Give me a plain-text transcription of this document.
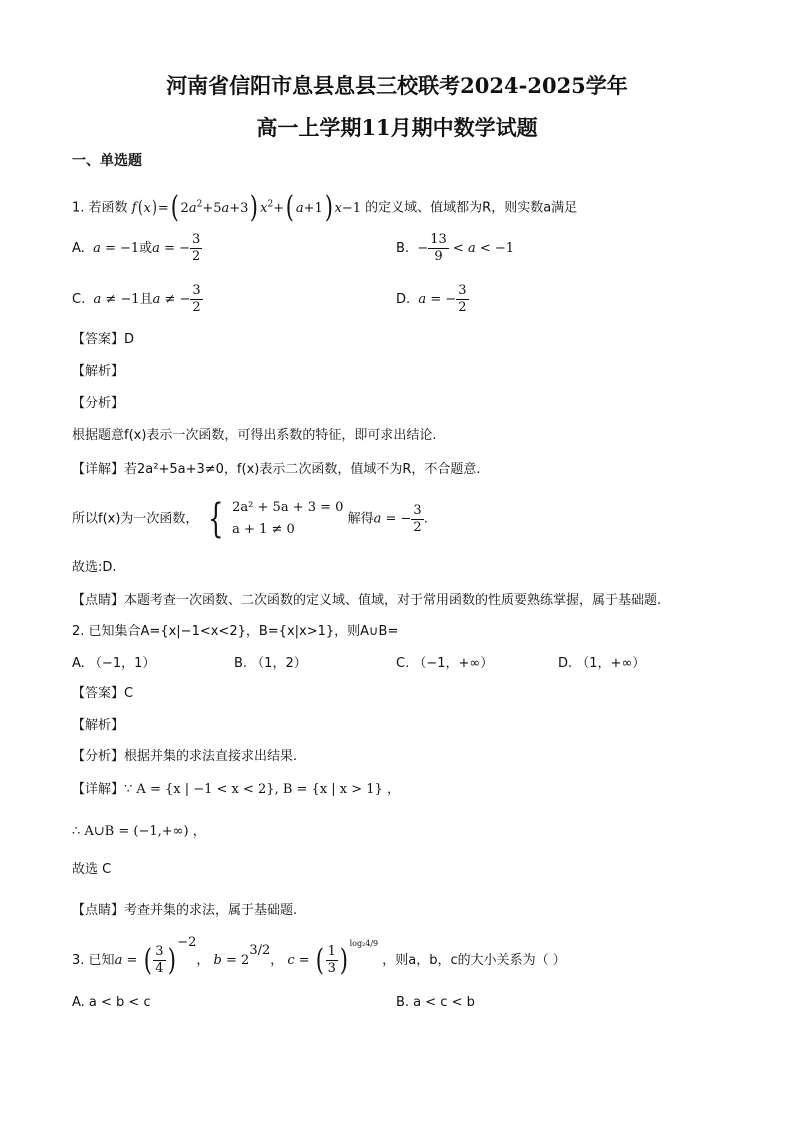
河南省信阳市息县息县三校联考2024-2025学年
高一上学期11月期中数学试题
一、单选题
1. 若函数 f(x)=( $2a^2+5a+3$) $x^2+$( a+1) x−1 的定义域、值域都为R，则实数a满足
A.  a = −1或a = − $\frac{3}{2}$	B.  − $\frac{13}{9} < a < -1$
C.  a ≠ −1且a ≠ − $\frac{3}{2}$	D.  a = − $\frac{3}{2}$
【答案】D
【解析】
【分析】
根据题意f(x)表示一次函数，可得出系数的特征，即可求出结论.
【详解】若2a²+5a+3≠0，f(x)表示二次函数，值域不为R，不合题意.
所以f(x)为一次函数， { 2a² + 5a + 3 = 0
a + 1 ≠ 0
解得a = − $\frac{3}{2}$ .
故选:D.
【点睛】本题考查一次函数、二次函数的定义域、值域，对于常用函数的性质要熟练掌握，属于基础题.
2. 已知集合A={x|−1<x<2}，B={x|x>1}，则A∪B=
A. （−1，1）	B. （1，2）	C. （−1，+∞）	D. （1，+∞）
【答案】C
【解析】
【分析】根据并集的求法直接求出结果.
【详解】∵ A = {x | −1 < x < 2}, B = {x | x > 1} ，
∴ A∪B = (−1,+∞) ，
故选 C
【点睛】考查并集的求法，属于基础题.
3. 已知a = ( $\frac{3}{4}$ ) $^{-2}$， $b = 2^{3/2}$， c = ( $\frac{1}{3}$ ) $^{log_24/9}$ ，则a，b，c的大小关系为（ ）
A. a < b < c	B. a < c < b
